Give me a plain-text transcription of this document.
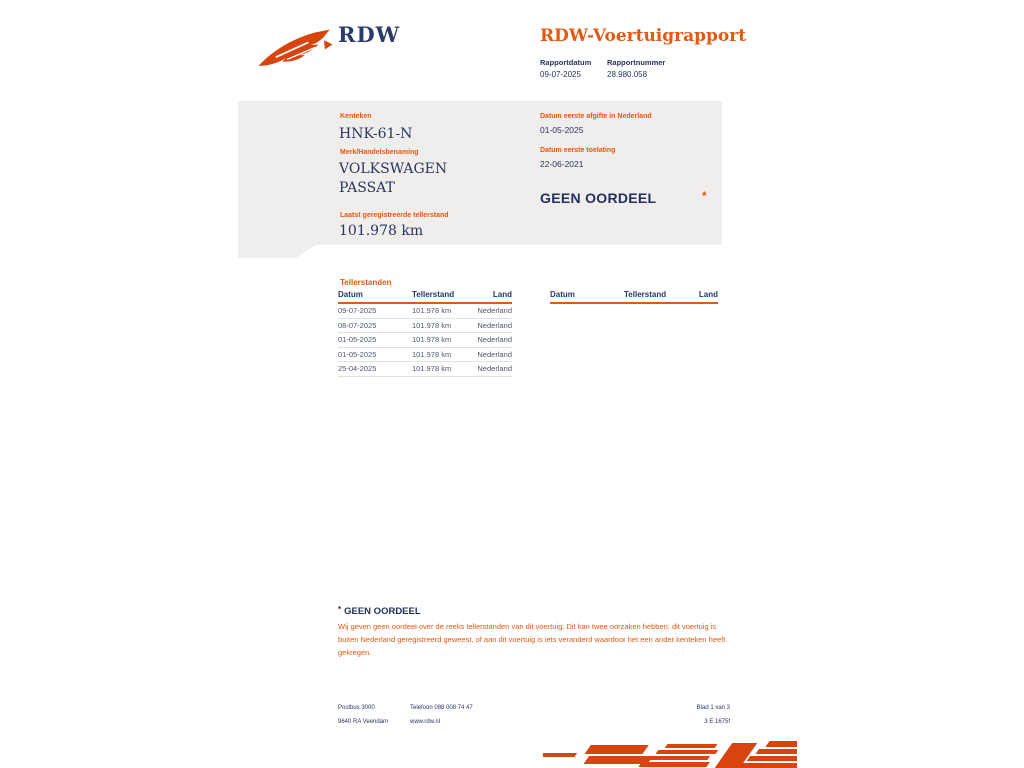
RDW	RDW-Voertuigrapport
Rapportdatum
09-07-2025
Rapportnummer
28.980.058
Kenteken
HNK-61-N
Merk/Handelsbenaming
VOLKSWAGEN
PASSAT
Laatst geregistreerde tellerstand
101.978 km
Datum eerste afgifte in Nederland
01-05-2025
Datum eerste toelating
22-06-2021
GEEN OORDEEL	*
Tellerstanden
Datum	Tellerstand	Land
09-07-2025	101.978 km	Nederland
08-07-2025	101.978 km	Nederland
01-05-2025	101.978 km	Nederland
01-05-2025	101.978 km	Nederland
25-04-2025	101.978 km	Nederland
Datum	Tellerstand	Land
* GEEN OORDEEL
Wij geven geen oordeel over de reeks tellerstanden van dit voertuig. Dit kan twee oorzaken hebben: dit voertuig is buiten Nederland geregistreerd geweest, of aan dit voertuig is iets veranderd waardoor het een ander kenteken heeft gekregen.
Postbus 3000
9640 RA Veendam
Telefoon 088 008 74 47
www.rdw.nl
Blad 1 van 3
3 E 1675f
